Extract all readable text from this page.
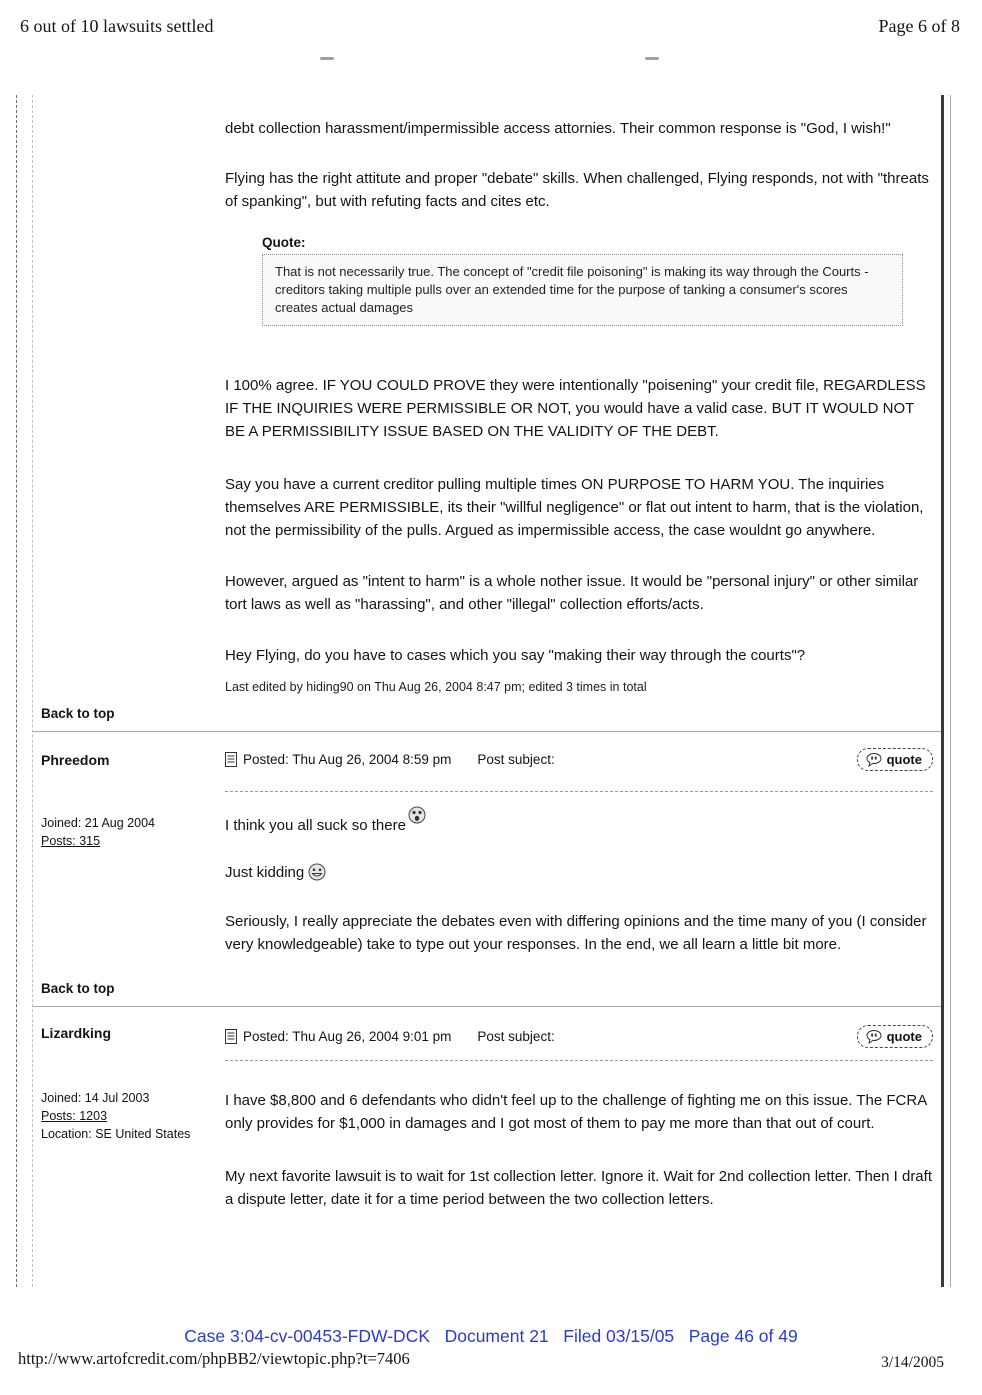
6 out of 10 lawsuits settled	Page 6 of 8

debt collection harassment/impermissible access attornies. Their common response is "God, I wish!"

Flying has the right attitute and proper "debate" skills. When challenged, Flying responds, not with "threats of spanking", but with refuting facts and cites etc.

Quote:
That is not necessarily true. The concept of "credit file poisoning" is making its way through the Courts - creditors taking multiple pulls over an extended time for the purpose of tanking a consumer's scores creates actual damages

I 100% agree. IF YOU COULD PROVE they were intentionally "poisening" your credit file, REGARDLESS IF THE INQUIRIES WERE PERMISSIBLE OR NOT, you would have a valid case. BUT IT WOULD NOT BE A PERMISSIBILITY ISSUE BASED ON THE VALIDITY OF THE DEBT.

Say you have a current creditor pulling multiple times ON PURPOSE TO HARM YOU. The inquiries themselves ARE PERMISSIBLE, its their "willful negligence" or flat out intent to harm, that is the violation, not the permissibility of the pulls. Argued as impermissible access, the case wouldnt go anywhere.

However, argued as "intent to harm" is a whole nother issue. It would be "personal injury" or other similar tort laws as well as "harassing", and other "illegal" collection efforts/acts.

Hey Flying, do you have to cases which you say "making their way through the courts"?

Last edited by hiding90 on Thu Aug 26, 2004 8:47 pm; edited 3 times in total
Back to top
Phreedom
Joined: 21 Aug 2004
Posts: 315
Posted: Thu Aug 26, 2004 8:59 pm Post subject:	quote
I think you all suck so there
Just kidding

Seriously, I really appreciate the debates even with differing opinions and the time many of you (I consider very knowledgeable) take to type out your responses. In the end, we all learn a little bit more.

Back to top
Lizardking
Joined: 14 Jul 2003
Posts: 1203
Location: SE United States
Posted: Thu Aug 26, 2004 9:01 pm Post subject:	quote

I have $8,800 and 6 defendants who didn't feel up to the challenge of fighting me on this issue. The FCRA only provides for $1,000 in damages and I got most of them to pay me more than that out of court.

My next favorite lawsuit is to wait for 1st collection letter. Ignore it. Wait for 2nd collection letter. Then I draft a dispute letter, date it for a time period between the two collection letters.

Case 3:04-cv-00453-FDW-DCK   Document 21   Filed 03/15/05   Page 46 of 49
http://www.artofcredit.com/phpBB2/viewtopic.php?t=7406	3/14/2005
